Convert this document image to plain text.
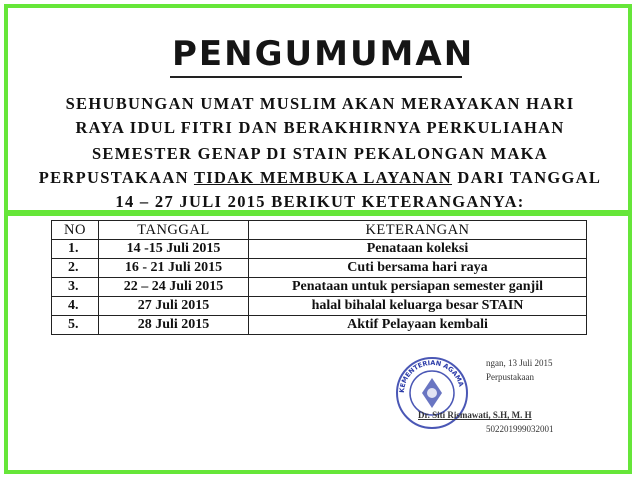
PENGUMUMAN
SEHUBUNGAN UMAT MUSLIM AKAN MERAYAKAN HARI
RAYA IDUL FITRI DAN BERAKHIRNYA PERKULIAHAN
SEMESTER GENAP DI STAIN PEKALONGAN MAKA
PERPUSTAKAAN TIDAK MEMBUKA LAYANAN DARI TANGGAL
14 – 27 JULI 2015 BERIKUT KETERANGANYA:
NO	TANGGAL	KETERANGAN
1.	14 -15 Juli 2015	Penataan koleksi
2.	16 - 21 Juli 2015	Cuti bersama hari raya
3.	22 – 24 Juli 2015	Penataan untuk persiapan semester ganjil
4.	27 Juli 2015	halal bihalal keluarga besar STAIN
5.	28 Juli 2015	Aktif Pelayaan kembali
ngan, 13 Juli 2015
Perpustakaan
KEMENTERIAN AGAMA
Dr. Siti Rismawati, S.H, M. H
502201999032001
